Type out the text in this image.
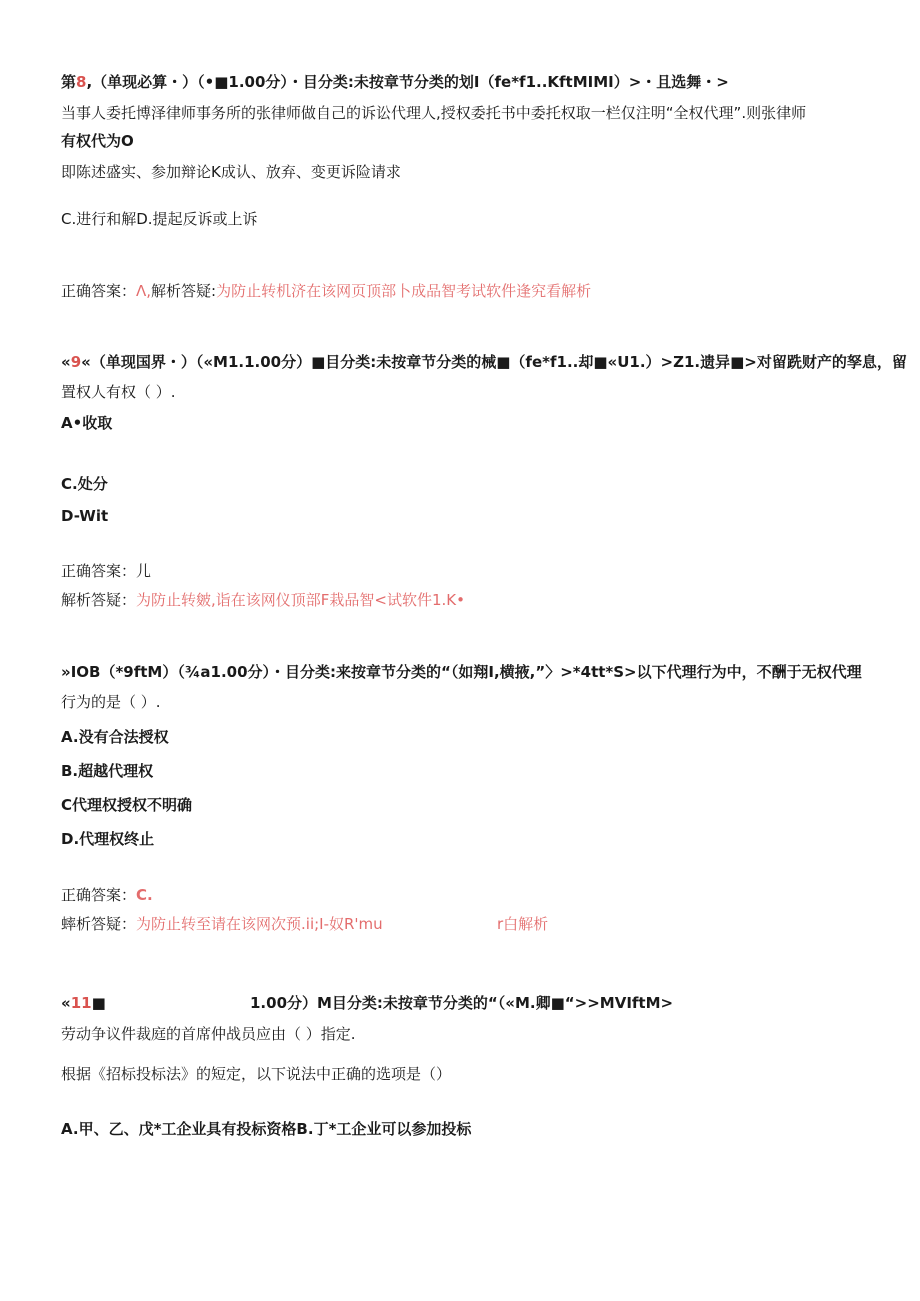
第8,（单现必算・）（•■1.00分）・目分类:未按章节分类的划I（fe*f1..KftMIMI）>・且选舞・>
当事人委托博泽律师事务所的张律师做自己的诉讼代理人,授权委托书中委托权取一栏仅注明“全权代理”.则张律师
有权代为O
即陈述盛实、参加辩论K成认、放弃、变更诉险请求
C.进行和解D.提起反诉或上诉
正确答案：Λ,解析答疑:为防止转机济在该网页顶部卜成品智考试软件逢究看解析
«9«（单现国界・）（«M1.1.00分）■目分类:未按章节分类的械■（fe*f1..却■«U1.）>Z1.遗异■>对留跣财产的孥息，留
置权人有权（ ）.
A•收取
C.处分
D-Wit
正确答案：儿
解析答疑：为防止转皴,诣在该网仪顶部F栽品智<试软件1.K•
»IOB（*9ftM）（¾a1.00分）・目分类:来按章节分类的“（如翔I,横掖,”〉>*4tt*S>以下代理行为中，不酬于无权代理
行为的是（ ）.
A.没有合法授权
B.超越代理权
C代理权授权不明确
D.代理权终止
正确答案：C.
蟀析答疑：为防止转至请在该网次预.ii;I-奴R'mu	r白解析
«11■	1.00分）M目分类:未按章节分类的“（«M.卿■“>>MVIftM>
劳动争议件裁庭的首席仲战员应由（ ）指定.
根据《招标投标法》的短定，以下说法中正确的选项是（）
A.甲、乙、戊*工企业具有投标资格B.丁*工企业可以参加投标
